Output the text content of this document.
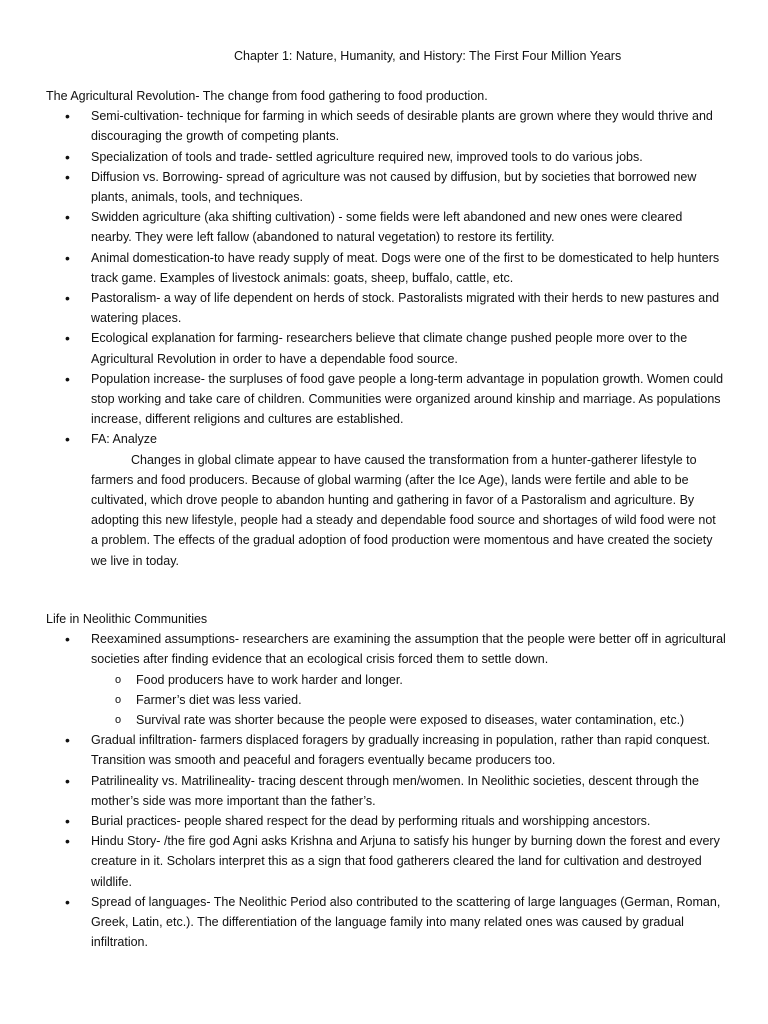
Chapter 1: Nature, Humanity, and History: The First Four Million Years

The Agricultural Revolution- The change from food gathering to food production.

• Semi-cultivation- technique for farming in which seeds of desirable plants are grown where they would thrive and discouraging the growth of competing plants.
• Specialization of tools and trade- settled agriculture required new, improved tools to do various jobs.
• Diffusion vs. Borrowing- spread of agriculture was not caused by diffusion, but by societies that borrowed new plants, animals, tools, and techniques.
• Swidden agriculture (aka shifting cultivation) - some fields were left abandoned and new ones were cleared nearby. They were left fallow (abandoned to natural vegetation) to restore its fertility.
• Animal domestication-to have ready supply of meat. Dogs were one of the first to be domesticated to help hunters track game. Examples of livestock animals: goats, sheep, buffalo, cattle, etc.
• Pastoralism- a way of life dependent on herds of stock. Pastoralists migrated with their herds to new pastures and watering places.
• Ecological explanation for farming- researchers believe that climate change pushed people more over to the Agricultural Revolution in order to have a dependable food source.
• Population increase- the surpluses of food gave people a long-term advantage in population growth. Women could stop working and take care of children. Communities were organized around kinship and marriage. As populations increase, different religions and cultures are established.
• FA: Analyze

Changes in global climate appear to have caused the transformation from a hunter-gatherer lifestyle to farmers and food producers. Because of global warming (after the Ice Age), lands were fertile and able to be cultivated, which drove people to abandon hunting and gathering in favor of a Pastoralism and agriculture. By adopting this new lifestyle, people had a steady and dependable food source and shortages of wild food were not a problem. The effects of the gradual adoption of food production were momentous and have created the society we live in today.

Life in Neolithic Communities

• Reexamined assumptions- researchers are examining the assumption that the people were better off in agricultural societies after finding evidence that an ecological crisis forced them to settle down.
o Food producers have to work harder and longer.
o Farmer’s diet was less varied.
o Survival rate was shorter because the people were exposed to diseases, water contamination, etc.)
• Gradual infiltration- farmers displaced foragers by gradually increasing in population, rather than rapid conquest. Transition was smooth and peaceful and foragers eventually became producers too.
• Patrilineality vs. Matrilineality- tracing descent through men/women. In Neolithic societies, descent through the mother’s side was more important than the father’s.
• Burial practices- people shared respect for the dead by performing rituals and worshipping ancestors.
• Hindu Story- /the fire god Agni asks Krishna and Arjuna to satisfy his hunger by burning down the forest and every creature in it. Scholars interpret this as a sign that food gatherers cleared the land for cultivation and destroyed wildlife.
• Spread of languages- The Neolithic Period also contributed to the scattering of large languages (German, Roman, Greek, Latin, etc.). The differentiation of the language family into many related ones was caused by gradual infiltration.
